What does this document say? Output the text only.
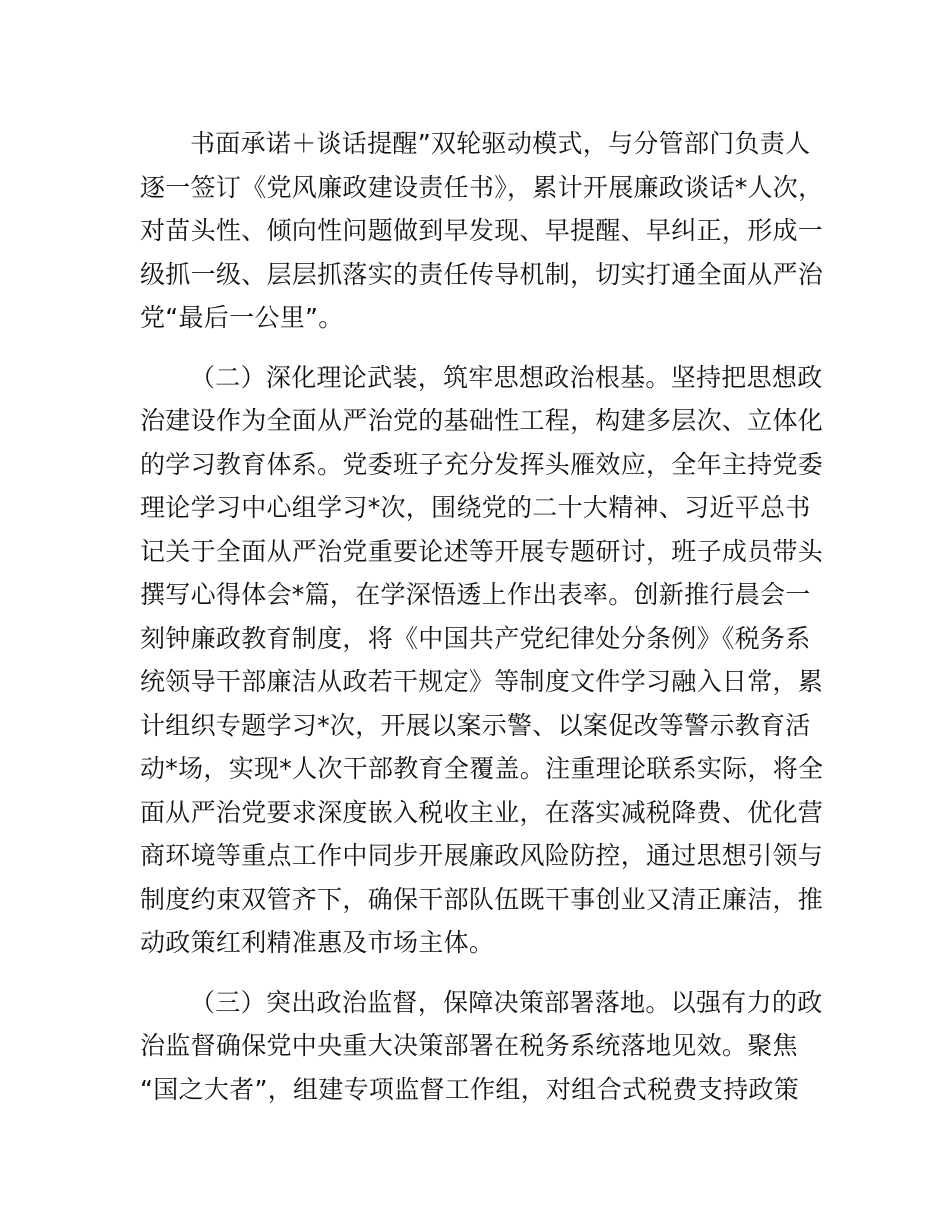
书面承诺＋谈话提醒”双轮驱动模式，与分管部门负责人
逐一签订《党风廉政建设责任书》，累计开展廉政谈话*人次，
对苗头性、倾向性问题做到早发现、早提醒、早纠正，形成一
级抓一级、层层抓落实的责任传导机制，切实打通全面从严治
党“最后一公里”。
（二）深化理论武装，筑牢思想政治根基。坚持把思想政
治建设作为全面从严治党的基础性工程，构建多层次、立体化
的学习教育体系。党委班子充分发挥头雁效应，全年主持党委
理论学习中心组学习*次，围绕党的二十大精神、习近平总书
记关于全面从严治党重要论述等开展专题研讨，班子成员带头
撰写心得体会*篇，在学深悟透上作出表率。创新推行晨会一
刻钟廉政教育制度，将《中国共产党纪律处分条例》《税务系
统领导干部廉洁从政若干规定》等制度文件学习融入日常，累
计组织专题学习*次，开展以案示警、以案促改等警示教育活
动*场，实现*人次干部教育全覆盖。注重理论联系实际，将全
面从严治党要求深度嵌入税收主业，在落实减税降费、优化营
商环境等重点工作中同步开展廉政风险防控，通过思想引领与
制度约束双管齐下，确保干部队伍既干事创业又清正廉洁，推
动政策红利精准惠及市场主体。
（三）突出政治监督，保障决策部署落地。以强有力的政
治监督确保党中央重大决策部署在税务系统落地见效。聚焦
“国之大者”，组建专项监督工作组，对组合式税费支持政策
